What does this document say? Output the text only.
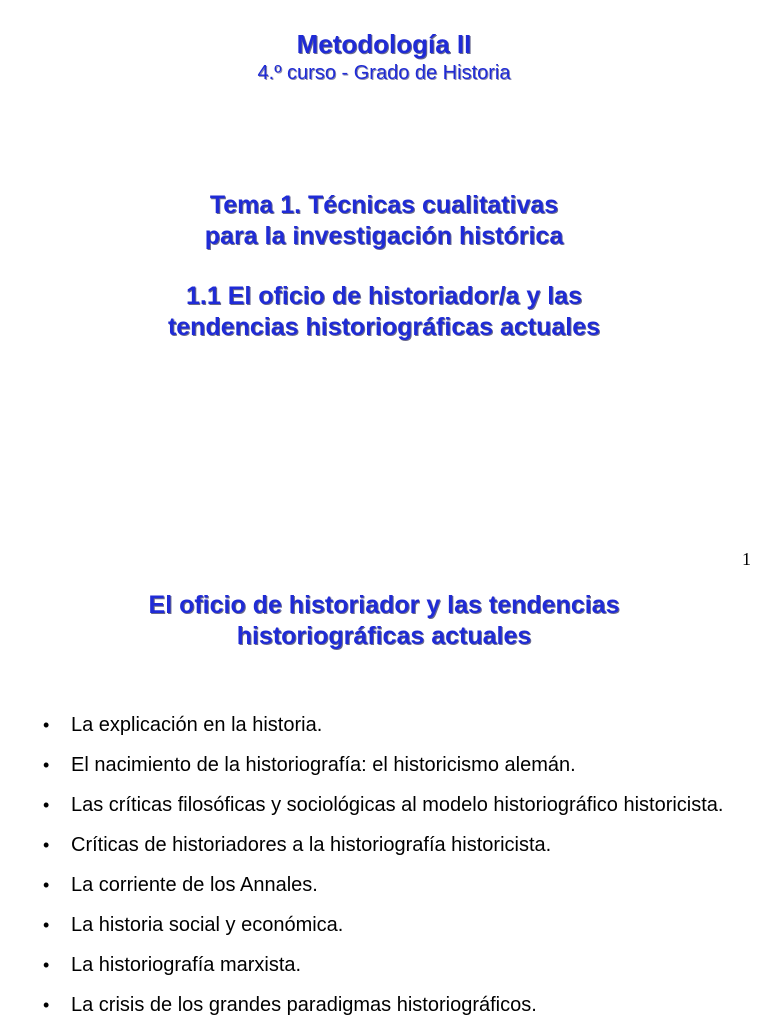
Metodología II
4.º curso - Grado de Historia
Tema 1. Técnicas cualitativas
para la investigación histórica
1.1 El oficio de historiador/a y las
tendencias historiográficas actuales
1
El oficio de historiador y las tendencias
historiográficas actuales
• La explicación en la historia.
• El nacimiento de la historiografía: el historicismo alemán.
• Las críticas filosóficas y sociológicas al modelo historiográfico historicista.
• Críticas de historiadores a la historiografía historicista.
• La corriente de los Annales.
• La historia social y económica.
• La historiografía marxista.
• La crisis de los grandes paradigmas historiográficos.
